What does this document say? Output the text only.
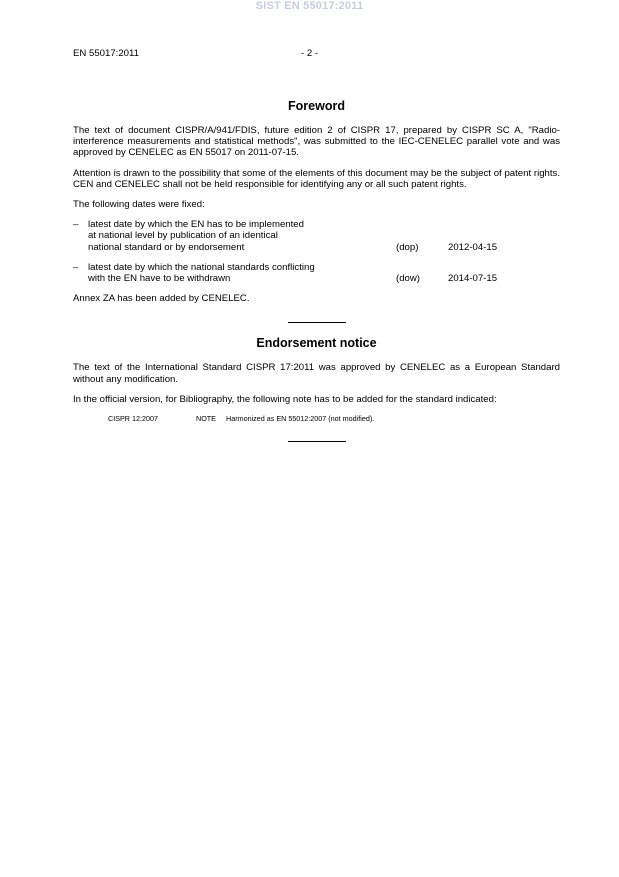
SIST EN 55017:2011
EN 55017:2011	- 2 -
Foreword

The text of document CISPR/A/941/FDIS, future edition 2 of CISPR 17, prepared by CISPR SC A, "Radio-interference measurements and statistical methods", was submitted to the IEC-CENELEC parallel vote and was approved by CENELEC as EN 55017 on 2011-07-15.

Attention is drawn to the possibility that some of the elements of this document may be the subject of patent rights. CEN and CENELEC shall not be held responsible for identifying any or all such patent rights.

The following dates were fixed:

–	latest date by which the EN has to be implemented
at national level by publication of an identical
national standard or by endorsement	(dop)	2012-04-15
–	latest date by which the national standards conflicting
with the EN have to be withdrawn	(dow)	2014-07-15

Annex ZA has been added by CENELEC.

Endorsement notice

The text of the International Standard CISPR 17:2011 was approved by CENELEC as a European Standard without any modification.

In the official version, for Bibliography, the following note has to be added for the standard indicated:

CISPR 12:2007	NOTE	Harmonized as EN 55012:2007 (not modified).
